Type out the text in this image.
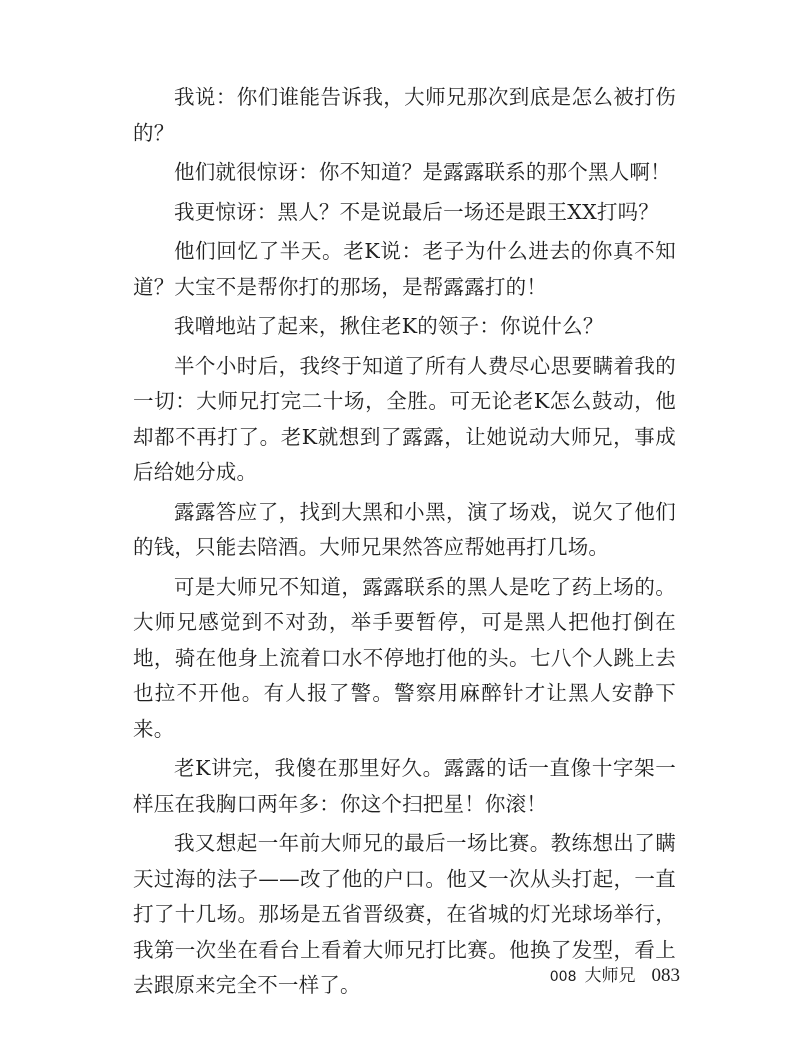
我说：你们谁能告诉我，大师兄那次到底是怎么被打伤的？

他们就很惊讶：你不知道？是露露联系的那个黑人啊！

我更惊讶：黑人？不是说最后一场还是跟王XX打吗？

他们回忆了半天。老K说：老子为什么进去的你真不知道？大宝不是帮你打的那场，是帮露露打的！

我噌地站了起来，揪住老K的领子：你说什么？

半个小时后，我终于知道了所有人费尽心思要瞒着我的一切：大师兄打完二十场，全胜。可无论老K怎么鼓动，他却都不再打了。老K就想到了露露，让她说动大师兄，事成后给她分成。

露露答应了，找到大黑和小黑，演了场戏，说欠了他们的钱，只能去陪酒。大师兄果然答应帮她再打几场。

可是大师兄不知道，露露联系的黑人是吃了药上场的。大师兄感觉到不对劲，举手要暂停，可是黑人把他打倒在地，骑在他身上流着口水不停地打他的头。七八个人跳上去也拉不开他。有人报了警。警察用麻醉针才让黑人安静下来。

老K讲完，我傻在那里好久。露露的话一直像十字架一样压在我胸口两年多：你这个扫把星！你滚！

我又想起一年前大师兄的最后一场比赛。教练想出了瞒天过海的法子——改了他的户口。他又一次从头打起，一直打了十几场。那场是五省晋级赛，在省城的灯光球场举行，我第一次坐在看台上看着大师兄打比赛。他换了发型，看上去跟原来完全不一样了。	008 大师兄 083
